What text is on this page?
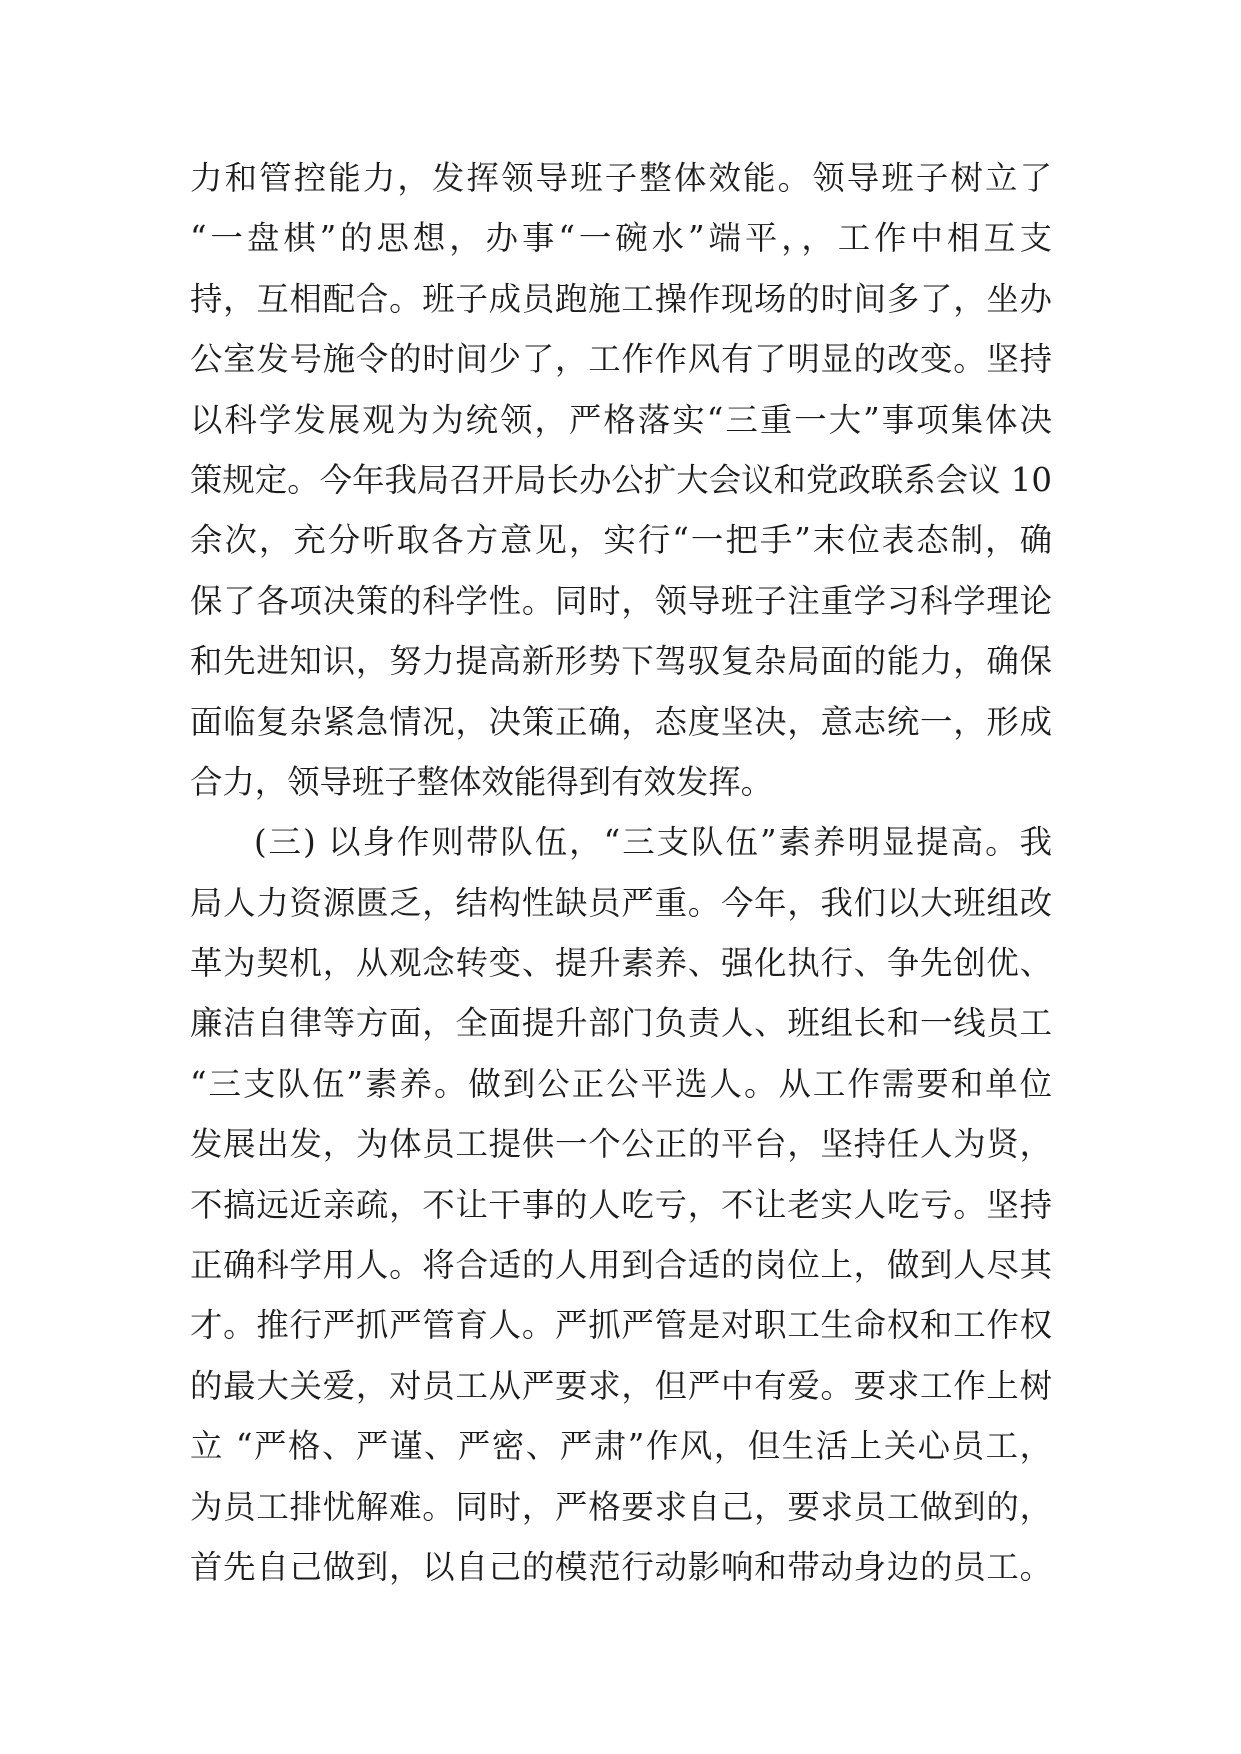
力和管控能力，发挥领导班子整体效能。领导班子树立了
“一盘棋”的思想，办事“一碗水”端平，，工作中相互支
持，互相配合。班子成员跑施工操作现场的时间多了，坐办
公室发号施令的时间少了，工作作风有了明显的改变。坚持
以科学发展观为为统领，严格落实“三重一大”事项集体决
策规定。今年我局召开局长办公扩大会议和党政联系会议 10
余次，充分听取各方意见，实行“一把手”末位表态制，确
保了各项决策的科学性。同时，领导班子注重学习科学理论
和先进知识，努力提高新形势下驾驭复杂局面的能力，确保
面临复杂紧急情况，决策正确，态度坚决，意志统一，形成
合力，领导班子整体效能得到有效发挥。
(三) 以身作则带队伍，“三支队伍”素养明显提高。我
局人力资源匮乏，结构性缺员严重。今年，我们以大班组改
革为契机，从观念转变、提升素养、强化执行、争先创优、
廉洁自律等方面，全面提升部门负责人、班组长和一线员工
“三支队伍”素养。做到公正公平选人。从工作需要和单位
发展出发，为体员工提供一个公正的平台，坚持任人为贤，
不搞远近亲疏，不让干事的人吃亏，不让老实人吃亏。坚持
正确科学用人。将合适的人用到合适的岗位上，做到人尽其
才。推行严抓严管育人。严抓严管是对职工生命权和工作权
的最大关爱，对员工从严要求，但严中有爱。要求工作上树
立 “严格、严谨、严密、严肃”作风，但生活上关心员工，
为员工排忧解难。同时，严格要求自己，要求员工做到的，
首先自己做到，以自己的模范行动影响和带动身边的员工。
